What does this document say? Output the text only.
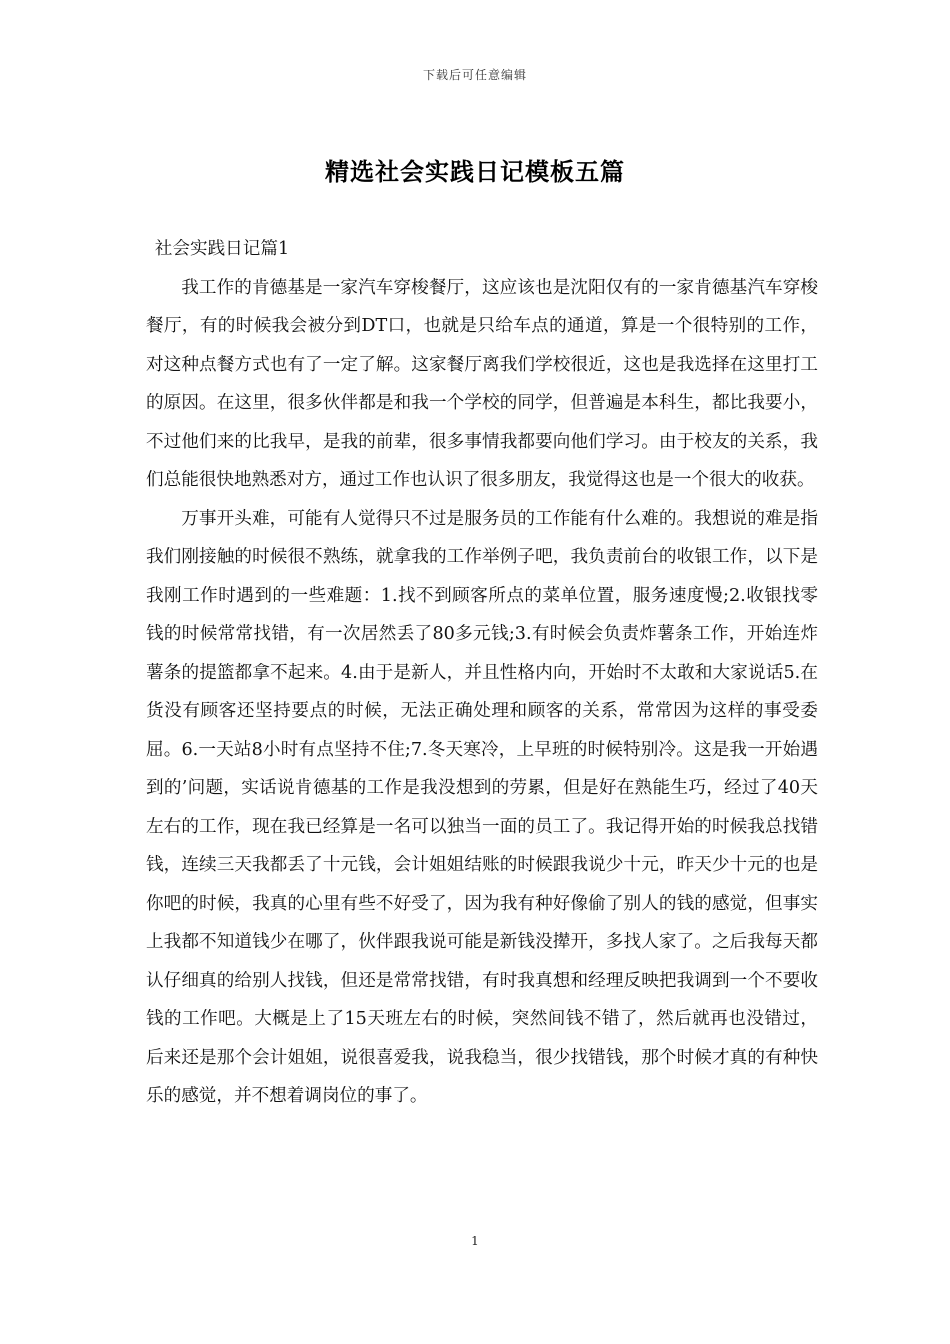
下载后可任意编辑
精选社会实践日记模板五篇

社会实践日记篇1

我工作的肯德基是一家汽车穿梭餐厅，这应该也是沈阳仅有的一家肯德基汽车穿梭餐厅，有的时候我会被分到DT口，也就是只给车点的通道，算是一个很特别的工作，对这种点餐方式也有了一定了解。这家餐厅离我们学校很近，这也是我选择在这里打工的原因。在这里，很多伙伴都是和我一个学校的同学，但普遍是本科生，都比我要小，不过他们来的比我早，是我的前辈，很多事情我都要向他们学习。由于校友的关系，我们总能很快地熟悉对方，通过工作也认识了很多朋友，我觉得这也是一个很大的收获。

万事开头难，可能有人觉得只不过是服务员的工作能有什么难的。我想说的难是指我们刚接触的时候很不熟练，就拿我的工作举例子吧，我负责前台的收银工作，以下是我刚工作时遇到的一些难题：1.找不到顾客所点的菜单位置，服务速度慢;2.收银找零钱的时候常常找错，有一次居然丢了80多元钱;3.有时候会负责炸薯条工作，开始连炸薯条的提篮都拿不起来。4.由于是新人，并且性格内向，开始时不太敢和大家说话5.在货没有顾客还坚持要点的时候，无法正确处理和顾客的关系，常常因为这样的事受委屈。6.一天站8小时有点坚持不住;7.冬天寒冷，上早班的时候特别冷。这是我一开始遇到的’问题，实话说肯德基的工作是我没想到的劳累，但是好在熟能生巧，经过了40天左右的工作，现在我已经算是一名可以独当一面的员工了。我记得开始的时候我总找错钱，连续三天我都丢了十元钱，会计姐姐结账的时候跟我说少十元，昨天少十元的也是你吧的时候，我真的心里有些不好受了，因为我有种好像偷了别人的钱的感觉，但事实上我都不知道钱少在哪了，伙伴跟我说可能是新钱没撵开，多找人家了。之后我每天都认仔细真的给别人找钱，但还是常常找错，有时我真想和经理反映把我调到一个不要收钱的工作吧。大概是上了15天班左右的时候，突然间钱不错了，然后就再也没错过，后来还是那个会计姐姐，说很喜爱我，说我稳当，很少找错钱，那个时候才真的有种快乐的感觉，并不想着调岗位的事了。

1
